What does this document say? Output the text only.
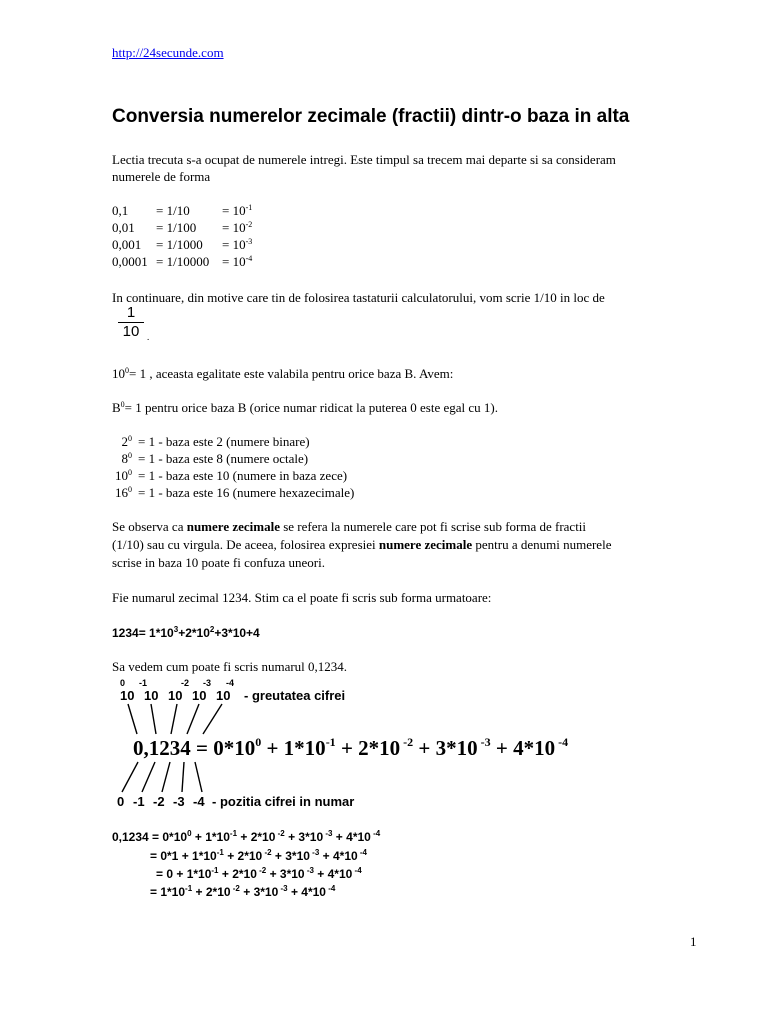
http://24secunde.com
Conversia numerelor zecimale (fractii) dintr-o baza in alta
Lectia trecuta s-a ocupat de numerele intregi. Este timpul sa trecem mai departe si sa consideram
numerele de forma
$0,1 = 1/10 = 10^{-1}$
$0,01 = 1/100 = 10^{-2}$
$0,001 = 1/1000 = 10^{-3}$
$0,0001 = 1/10000 = 10^{-4}$
In continuare, din motive care tin de folosirea tastaturii calculatorului, vom scrie 1/10 in loc de
1
10 .
$10^0= 1$ , aceasta egalitate este valabila pentru orice baza B. Avem:
$B^0= 1$ pentru orice baza B (orice numar ridicat la puterea 0 este egal cu 1).
$2^0 = 1$ - baza este 2 (numere binare)
$8^0 = 1$ - baza este 8 (numere octale)
$10^0 = 1$ - baza este 10 (numere in baza zece)
$16^0 = 1$ - baza este 16 (numere hexazecimale)
Se observa ca numere zecimale se refera la numerele care pot fi scrise sub forma de fractii
(1/10) sau cu virgula. De aceea, folosirea expresiei numere zecimale pentru a denumi numerele
scrise in baza 10 poate fi confuza uneori.
Fie numarul zecimal 1234. Stim ca el poate fi scris sub forma urmatoare:
$1234= 1*10^3+2*10^2+3*10+4$
Sa vedem cum poate fi scris numarul 0,1234.
0 -1	-2 -3 -4
10 10 10 10 10 - greutatea cifrei
$0,1234 = 0*10^0 + 1*10^{-1} + 2*10$ $^{-2}$ + 3*10 $^{-3}$ + 4*10 $^{-4}$
0 -1 -2 -3 -4 - pozitia cifrei in numar
$0,1234 = 0*10^0 + 1*10^{-1} + 2*10$ $^{-2}$ + 3*10 $^{-3}$ + 4*10 $^{-4}$
= $0*1 + 1*10^{-1} + 2*10$ $^{-2}$ + 3*10 $^{-3}$ + 4*10 $^{-4}$
= $0 + 1*10^{-1} + 2*10$ $^{-2}$ + 3*10 $^{-3}$ + 4*10 $^{-4}$
= $1*10^{-1} + 2*10$ $^{-2}$ + 3*10 $^{-3}$ + 4*10 $^{-4}$
1
